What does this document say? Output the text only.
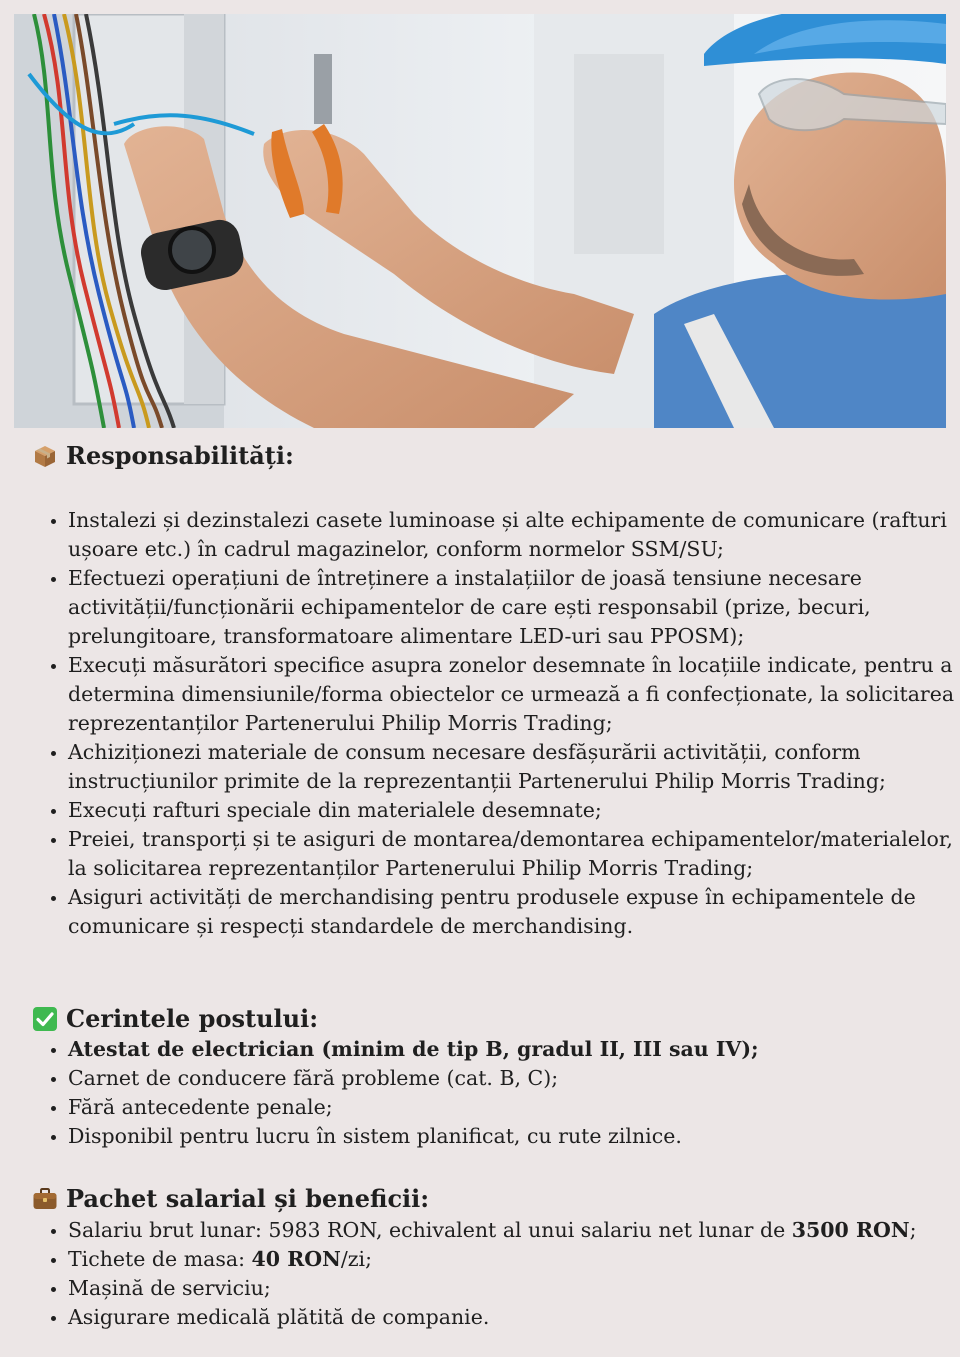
Responsabilități:
• Instalezi și dezinstalezi casete luminoase și alte echipamente de comunicare (rafturi ușoare etc.) în cadrul magazinelor, conform normelor SSM/SU;
• Efectuezi operațiuni de întreținere a instalațiilor de joasă tensiune necesare activității/funcționării echipamentelor de care ești responsabil (prize, becuri, prelungitoare, transformatoare alimentare LED-uri sau PPOSM);
• Execuți măsurători specifice asupra zonelor desemnate în locațiile indicate, pentru a determina dimensiunile/forma obiectelor ce urmează a fi confecționate, la solicitarea reprezentanților Partenerului Philip Morris Trading;
• Achiziționezi materiale de consum necesare desfășurării activității, conform instrucțiunilor primite de la reprezentanții Partenerului Philip Morris Trading;
• Execuți rafturi speciale din materialele desemnate;
• Preiei, transporți și te asiguri de montarea/demontarea echipamentelor/materialelor, la solicitarea reprezentanților Partenerului Philip Morris Trading;
• Asiguri activități de merchandising pentru produsele expuse în echipamentele de comunicare și respecți standardele de merchandising.
Cerintele postului:
• Atestat de electrician (minim de tip B, gradul II, III sau IV);
• Carnet de conducere fără probleme (cat. B, C);
• Fără antecedente penale;
• Disponibil pentru lucru în sistem planificat, cu rute zilnice.
Pachet salarial și beneficii:
• Salariu brut lunar: 5983 RON, echivalent al unui salariu net lunar de 3500 RON;
• Tichete de masa: 40 RON/zi;
• Mașină de serviciu;
• Asigurare medicală plătită de companie.
